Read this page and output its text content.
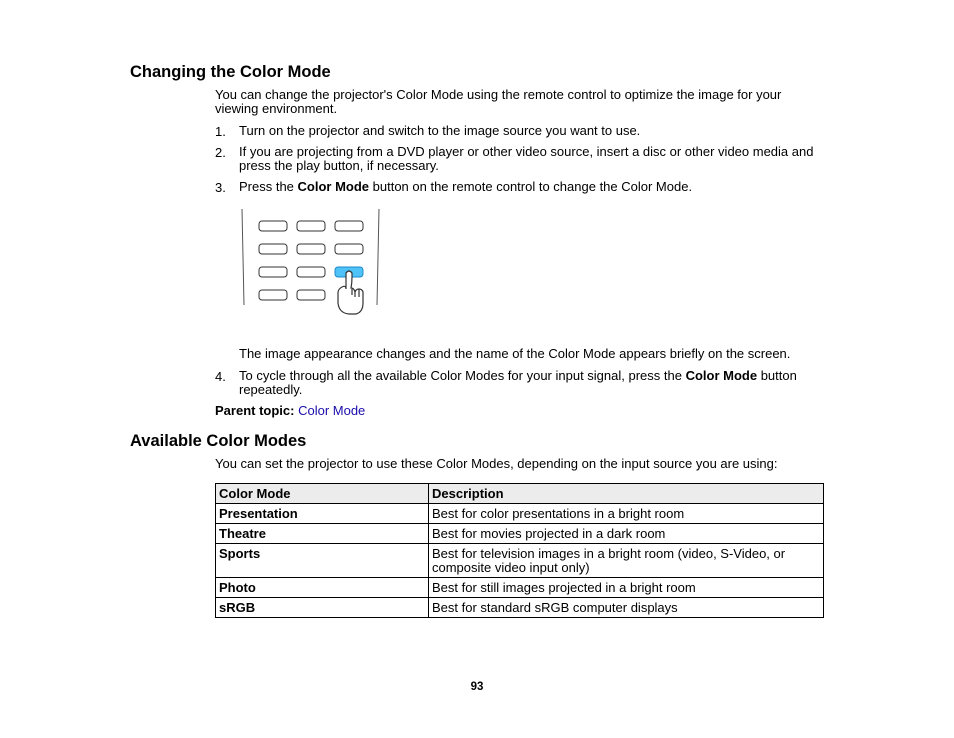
Changing the Color Mode
You can change the projector's Color Mode using the remote control to optimize the image for your
viewing environment.
1. Turn on the projector and switch to the image source you want to use.
2. If you are projecting from a DVD player or other video source, insert a disc or other video media and
press the play button, if necessary.
3. Press the Color Mode button on the remote control to change the Color Mode.
The image appearance changes and the name of the Color Mode appears briefly on the screen.
4. To cycle through all the available Color Modes for your input signal, press the Color Mode button
repeatedly.
Parent topic: Color Mode
Available Color Modes
You can set the projector to use these Color Modes, depending on the input source you are using:
Color Mode	Description
Presentation	Best for color presentations in a bright room
Theatre	Best for movies projected in a dark room
Sports	Best for television images in a bright room (video, S-Video, or composite video input only)
Photo	Best for still images projected in a bright room
sRGB	Best for standard sRGB computer displays
93
